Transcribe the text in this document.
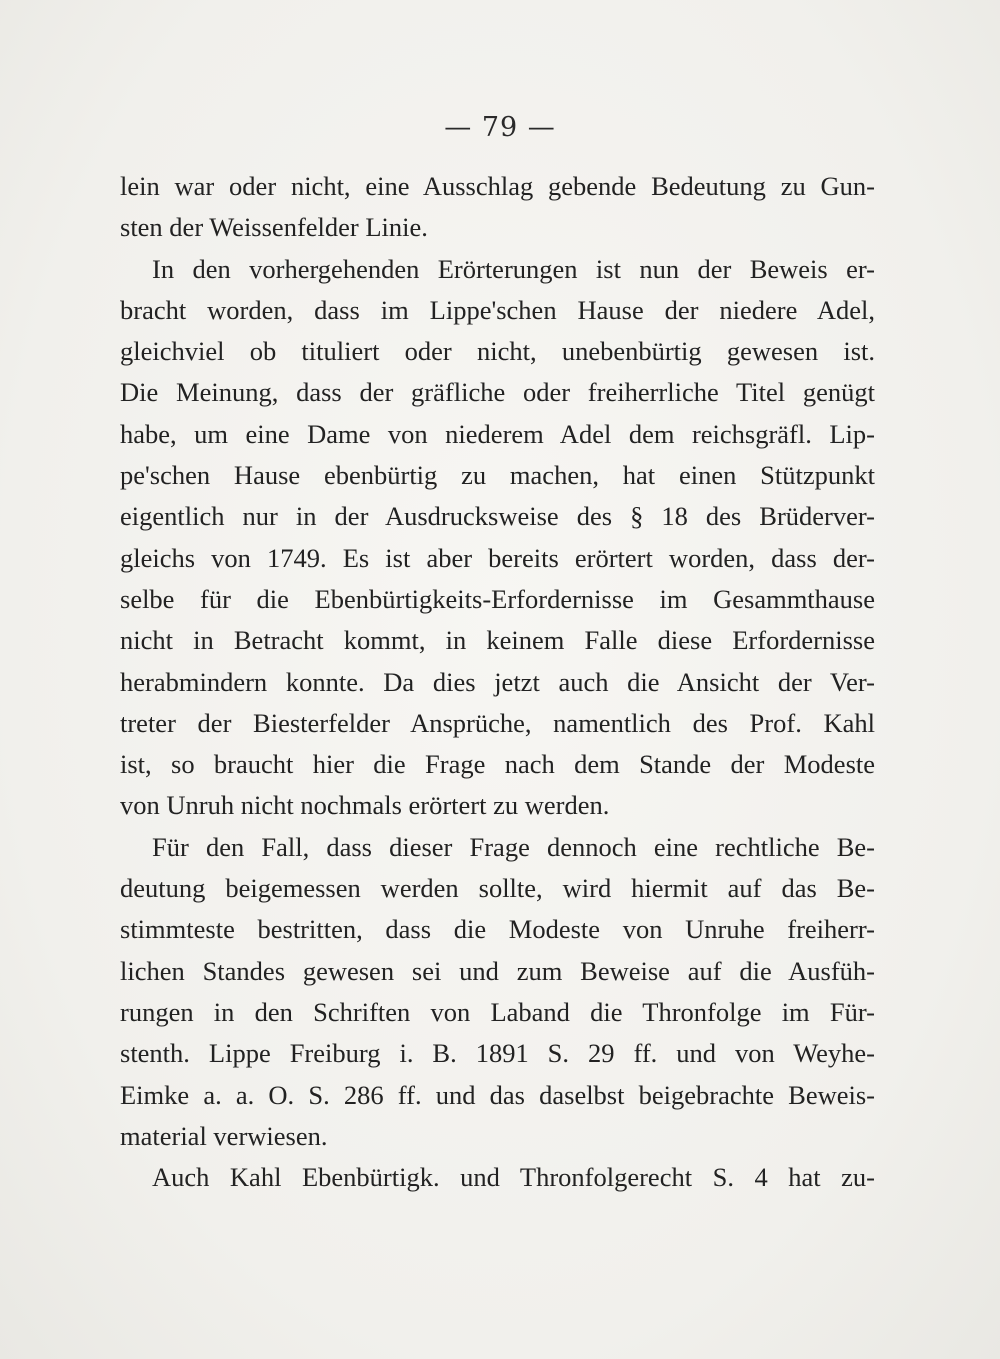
— 79 —
lein war oder nicht, eine Ausschlag gebende Bedeutung zu Gun-
sten der Weissenfelder Linie.
In den vorhergehenden Erörterungen ist nun der Beweis er-
bracht worden, dass im Lippe'schen Hause der niedere Adel,
gleichviel ob tituliert oder nicht, unebenbürtig gewesen ist.
Die Meinung, dass der gräfliche oder freiherrliche Titel genügt
habe, um eine Dame von niederem Adel dem reichsgräfl. Lip-
pe'schen Hause ebenbürtig zu machen, hat einen Stützpunkt
eigentlich nur in der Ausdrucksweise des § 18 des Brüderver-
gleichs von 1749. Es ist aber bereits erörtert worden, dass der-
selbe für die Ebenbürtigkeits-Erfordernisse im Gesammthause
nicht in Betracht kommt, in keinem Falle diese Erfordernisse
herabmindern konnte. Da dies jetzt auch die Ansicht der Ver-
treter der Biesterfelder Ansprüche, namentlich des Prof. Kahl
ist, so braucht hier die Frage nach dem Stande der Modeste
von Unruh nicht nochmals erörtert zu werden.
Für den Fall, dass dieser Frage dennoch eine rechtliche Be-
deutung beigemessen werden sollte, wird hiermit auf das Be-
stimmteste bestritten, dass die Modeste von Unruhe freiherr-
lichen Standes gewesen sei und zum Beweise auf die Ausfüh-
rungen in den Schriften von Laband die Thronfolge im Für-
stenth. Lippe Freiburg i. B. 1891 S. 29 ff. und von Weyhe-
Eimke a. a. O. S. 286 ff. und das daselbst beigebrachte Beweis-
material verwiesen.
Auch Kahl Ebenbürtigk. und Thronfolgerecht S. 4 hat zu-
